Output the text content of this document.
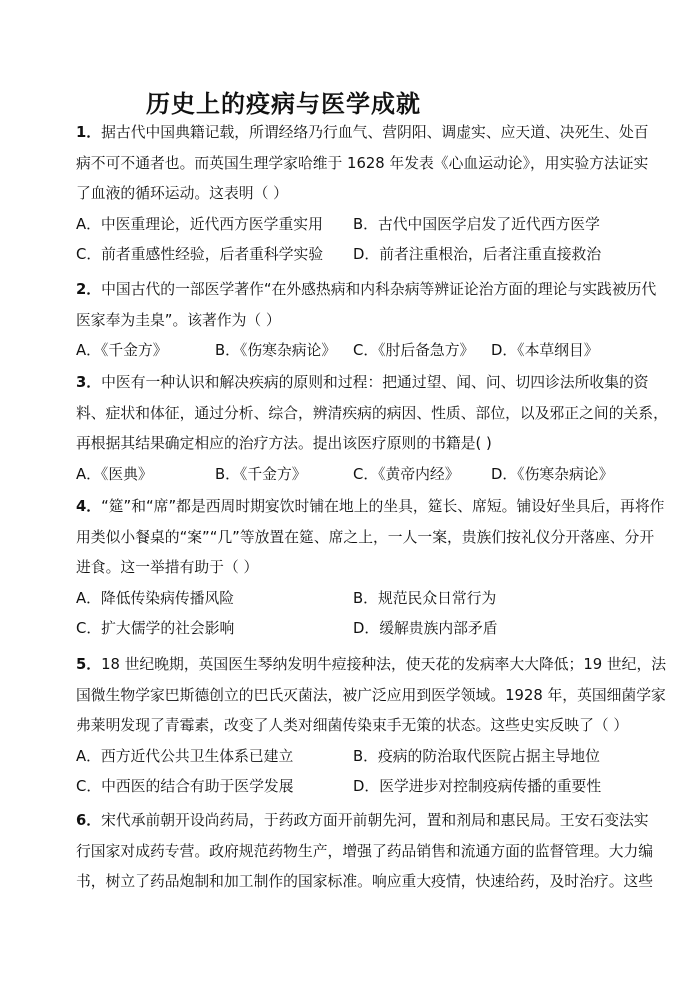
历史上的疫病与医学成就
1．据古代中国典籍记载，所谓经络乃行血气、营阴阳、调虚实、应天道、决死生、处百
病不可不通者也。而英国生理学家哈维于 1628 年发表《心血运动论》，用实验方法证实
了血液的循环运动。这表明（ ）
A．中医重理论，近代西方医学重实用 B．古代中国医学启发了近代西方医学
C．前者重感性经验，后者重科学实验 D．前者注重根治，后者注重直接救治
2．中国古代的一部医学著作“在外感热病和内科杂病等辨证论治方面的理论与实践被历代
医家奉为圭臬”。该著作为（ ）
A．《千金方》	B．《伤寒杂病论》 C．《肘后备急方》 D．《本草纲目》
3．中医有一种认识和解决疾病的原则和过程：把通过望、闻、问、切四诊法所收集的资
料、症状和体征，通过分析、综合，辨清疾病的病因、性质、部位，以及邪正之间的关系，
再根据其结果确定相应的治疗方法。提出该医疗原则的书籍是( )
A．《医典》	B．《千金方》	C．《黄帝内经》 D．《伤寒杂病论》
4．“筵”和“席”都是西周时期宴饮时铺在地上的坐具，筵长、席短。铺设好坐具后，再将作
用类似小餐桌的“案”“几”等放置在筵、席之上，一人一案，贵族们按礼仪分开落座、分开
进食。这一举措有助于（ ）
A．降低传染病传播风险	B．规范民众日常行为
C．扩大儒学的社会影响	D．缓解贵族内部矛盾
5．18 世纪晚期，英国医生琴纳发明牛痘接种法，使天花的发病率大大降低；19 世纪，法
国微生物学家巴斯德创立的巴氏灭菌法，被广泛应用到医学领域。1928 年，英国细菌学家
弗莱明发现了青霉素，改变了人类对细菌传染束手无策的状态。这些史实反映了（ ）
A．西方近代公共卫生体系已建立	B．疫病的防治取代医院占据主导地位
C．中西医的结合有助于医学发展	D．医学进步对控制疫病传播的重要性
6．宋代承前朝开设尚药局，于药政方面开前朝先河，置和剂局和惠民局。王安石变法实
行国家对成药专营。政府规范药物生产，增强了药品销售和流通方面的监督管理。大力编
书，树立了药品炮制和加工制作的国家标准。响应重大疫情，快速给药，及时治疗。这些
